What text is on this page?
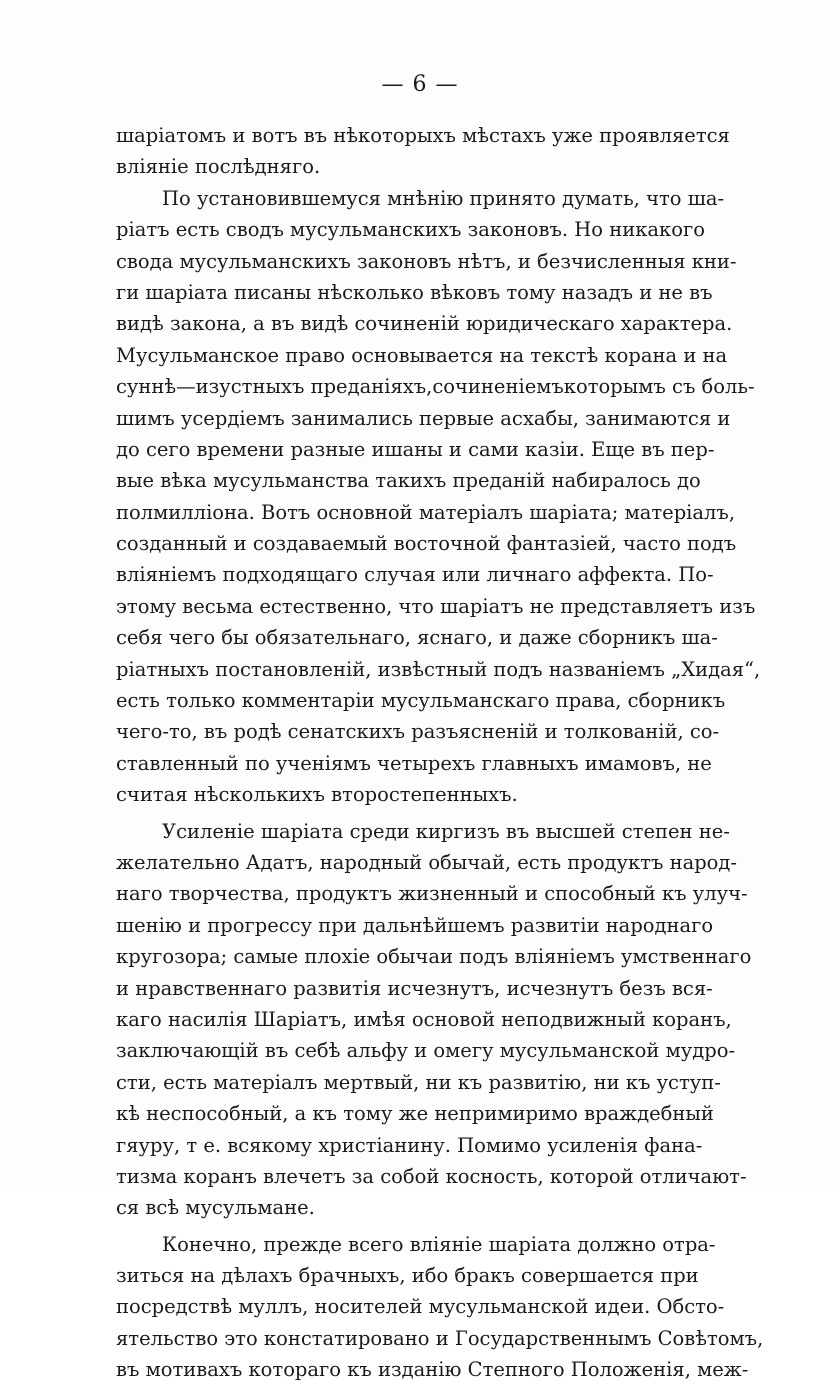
— 6 —
шаріатомъ и вотъ въ нѣкоторыхъ мѣстахъ уже проявляется
вліяніе послѣдняго.
По установившемуся мнѣнію принято думать, что ша-
ріатъ есть сводъ мусульманскихъ законовъ. Но никакого
свода мусульманскихъ законовъ нѣтъ, и безчисленныя кни-
ги шаріата писаны нѣсколько вѣковъ тому назадъ и не въ
видѣ закона, а въ видѣ сочиненій юридическаго характера.
Мусульманское право основывается на текстѣ корана и на
суннѣ—изустныхъ преданіяхъ,сочиненіемъкоторымъ съ боль-
шимъ усердіемъ занимались первые асхабы, занимаются и
до сего времени разные ишаны и сами казіи. Еще въ пер-
вые вѣка мусульманства такихъ преданій набиралось до
полмилліона. Вотъ основной матеріалъ шаріата; матеріалъ,
созданный и создаваемый восточной фантазіей, часто подъ
вліяніемъ подходящаго случая или личнаго аффекта. По-
этому весьма естественно, что шаріатъ не представляетъ изъ
себя чего бы обязательнаго, яснаго, и даже сборникъ ша-
ріатныхъ постановленій, извѣстный подъ названіемъ „Хидая“,
есть только комментаріи мусульманскаго права, сборникъ
чего-то, въ родѣ сенатскихъ разъясненій и толкованій, со-
ставленный по ученіямъ четырехъ главныхъ имамовъ, не
считая нѣсколькихъ второстепенныхъ.
Усиленіе шаріата среди киргизъ въ высшей степен не-
желательно Адатъ, народный обычай, есть продуктъ народ-
наго творчества, продуктъ жизненный и способный къ улуч-
шенію и прогрессу при дальнѣйшемъ развитіи народнаго
кругозора; самые плохіе обычаи подъ вліяніемъ умственнаго
и нравственнаго развитія исчезнутъ, исчезнутъ безъ вся-
каго насилія Шаріатъ, имѣя основой неподвижный коранъ,
заключающій въ себѣ альфу и омегу мусульманской мудро-
сти, есть матеріалъ мертвый, ни къ развитію, ни къ уступ-
кѣ неспособный, а къ тому же непримиримо враждебный
гяуру, т е. всякому христіанину. Помимо усиленія фана-
тизма коранъ влечетъ за собой косность, которой отличают-
ся всѣ мусульмане.
Конечно, прежде всего вліяніе шаріата должно отра-
зиться на дѣлахъ брачныхъ, ибо бракъ совершается при
посредствѣ муллъ, носителей мусульманской идеи. Обсто-
ятельство это констатировано и Государственнымъ Совѣтомъ,
въ мотивахъ котораго къ изданію Степного Положенія, меж-
